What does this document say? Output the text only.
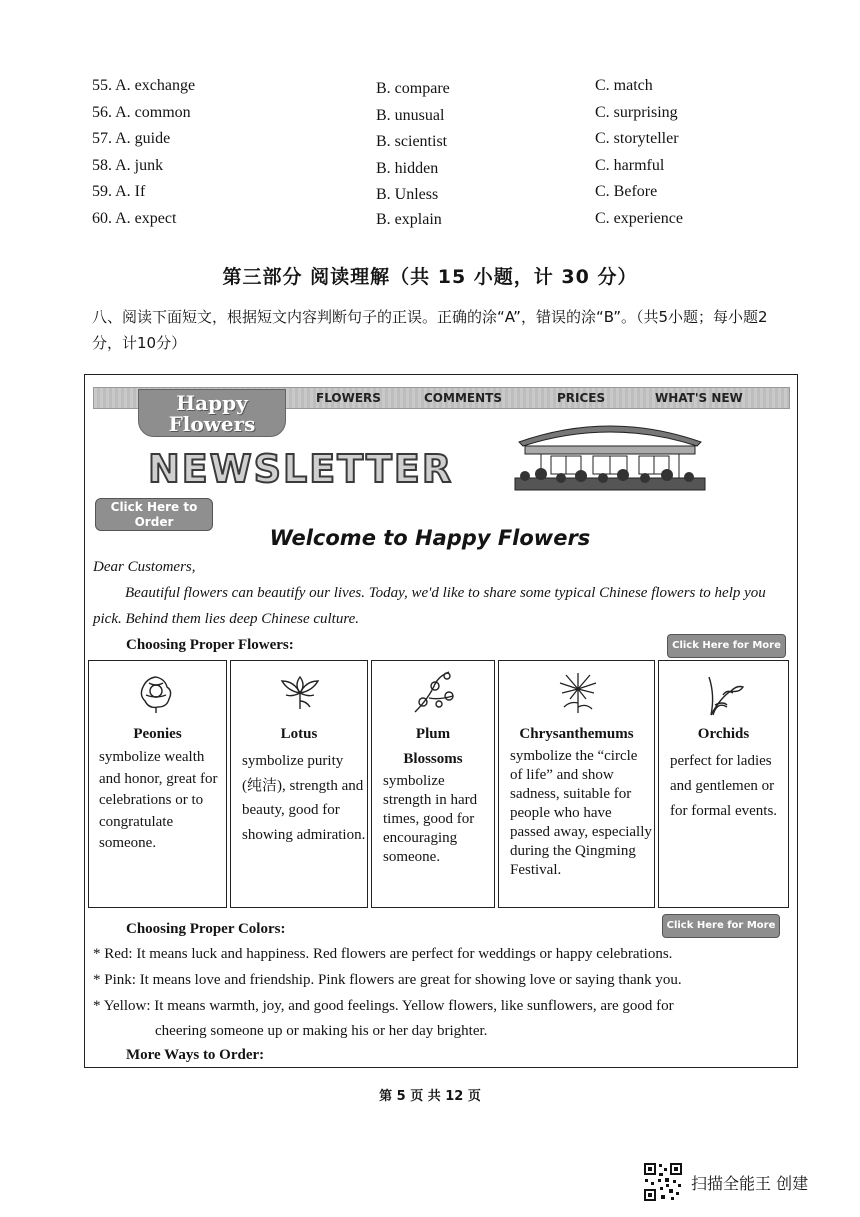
55. A. exchange	B. compare	C. match
56. A. common	B. unusual	C. surprising
57. A. guide	B. scientist	C. storyteller
58. A. junk	B. hidden	C. harmful
59. A. If	B. Unless	C. Before
60. A. expect	B. explain	C. experience
第三部分 阅读理解（共 15 小题，计 30 分）
八、阅读下面短文，根据短文内容判断句子的正误。正确的涂“A”，错误的涂“B”。（共5小题；每小题2分，计10分）
FLOWERS	COMMENTS	PRICES	WHAT'S NEW
Happy
Flowers
NEWSLETTER
Click Here to
Order
Welcome to Happy Flowers
Dear Customers,
Beautiful flowers can beautify our lives. Today, we'd like to share some typical Chinese flowers to help you pick. Behind them lies deep Chinese culture.
Choosing Proper Flowers:	Click Here for More
Peonies
symbolize wealth and honor, great for celebrations or to congratulate someone.
Lotus
symbolize purity (纯洁), strength and beauty, good for showing admiration.
Plum
Blossoms
symbolize strength in hard times, good for encouraging someone.
Chrysanthemums
symbolize the “circle of life” and show sadness, suitable for people who have passed away, especially during the Qingming Festival.
Orchids
perfect for ladies and gentlemen or for formal events.
Choosing Proper Colors:	Click Here for More
* Red: It means luck and happiness. Red flowers are perfect for weddings or happy celebrations.
* Pink: It means love and friendship. Pink flowers are great for showing love or saying thank you.
* Yellow: It means warmth, joy, and good feelings. Yellow flowers, like sunflowers, are good for
cheering someone up or making his or her day brighter.
More Ways to Order:
第 5 页 共 12 页
扫描全能王 创建
